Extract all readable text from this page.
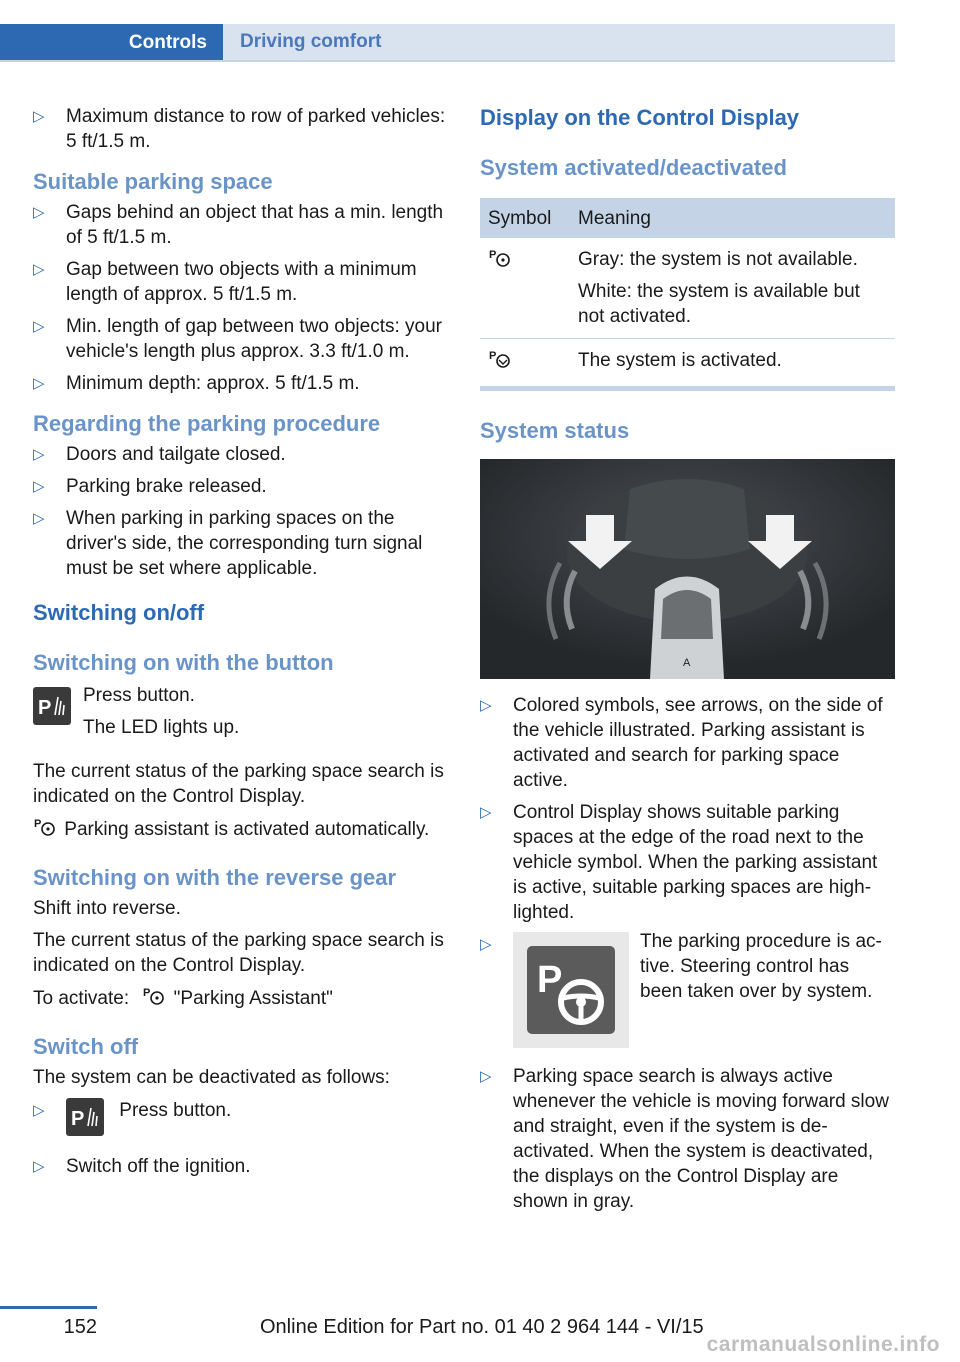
Controls	Driving comfort
▷ Maximum distance to row of parked vehicles: 5 ft/1.5 m.
Suitable parking space
▷ Gaps behind an object that has a min. length of 5 ft/1.5 m.
▷ Gap between two objects with a minimum length of approx. 5 ft/1.5 m.
▷ Min. length of gap between two objects: your vehicle's length plus approx. 3.3 ft/1.0 m.
▷ Minimum depth: approx. 5 ft/1.5 m.
Regarding the parking procedure
▷ Doors and tailgate closed.
▷ Parking brake released.
▷ When parking in parking spaces on the driver's side, the corresponding turn signal must be set where applicable.
Switching on/off
Switching on with the button
P

Press button.

The LED lights up.

The current status of the parking space search is indicated on the Control Display.

P Parking assistant is activated automatically.

Switching on with the reverse gear

Shift into reverse.

The current status of the parking space search is indicated on the Control Display.

To activate: P "Parking Assistant"

Switch off

The system can be deactivated as follows:

▷ P Press button.
▷ Switch off the ignition.
Display on the Control Display
System activated/deactivated
Symbol	Meaning

P	Gray: the system is not available.

White: the system is available but not activated.

P	The system is activated.
System status
A
▷ Colored symbols, see arrows, on the side of the vehicle illustrated. Parking assistant is activated and search for parking space active.
▷ Control Display shows suitable parking spaces at the edge of the road next to the vehicle symbol. When the parking assistant is active, suitable parking spaces are highlighted.
▷
P
The parking procedure is active. Steering control has been taken over by system.
▷ Parking space search is always active whenever the vehicle is moving forward slow and straight, even if the system is deactivated. When the system is deactivated, the displays on the Control Display are shown in gray.
152	Online Edition for Part no. 01 40 2 964 144 - VI/15
carmanualsonline.info
